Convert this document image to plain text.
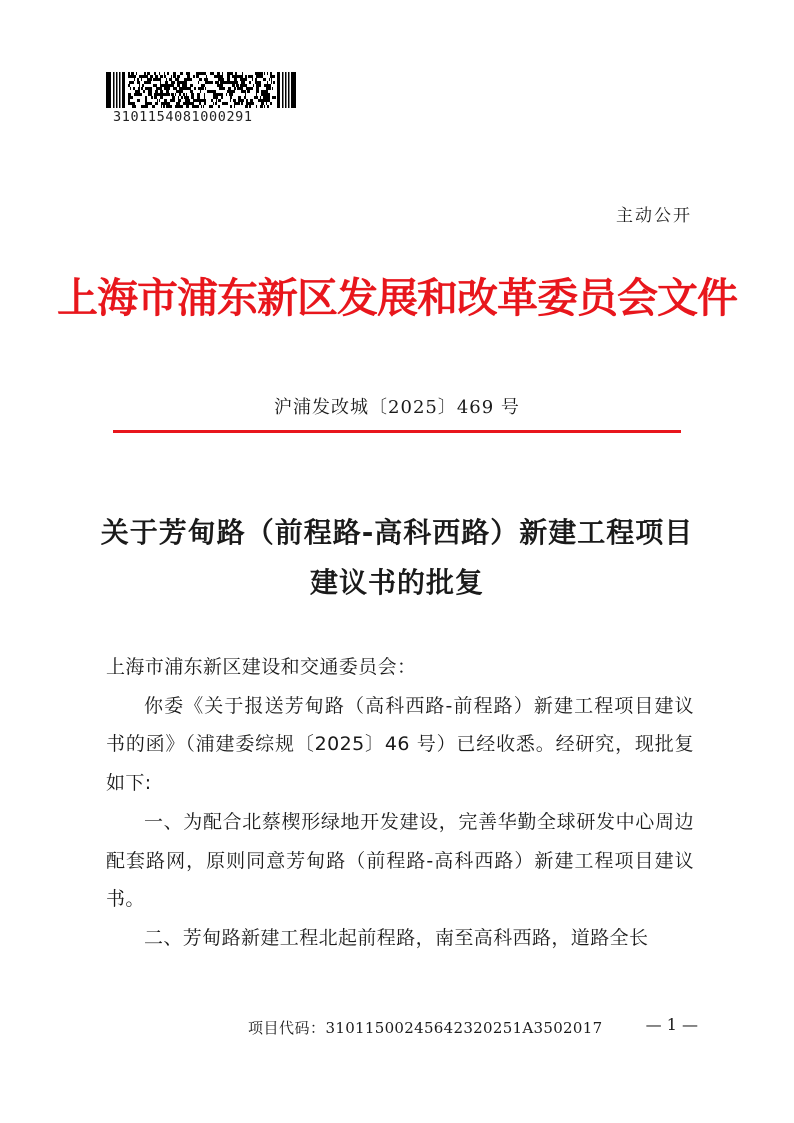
3101154081000291
主动公开
上海市浦东新区发展和改革委员会文件
沪浦发改城〔2025〕469 号
关于芳甸路（前程路-高科西路）新建工程项目
建议书的批复

上海市浦东新区建设和交通委员会：

你委《关于报送芳甸路（高科西路-前程路）新建工程项目建议书的函》（浦建委综规〔2025〕46 号）已经收悉。经研究，现批复如下:

一、为配合北蔡楔形绿地开发建设，完善华勤全球研发中心周边配套路网，原则同意芳甸路（前程路-高科西路）新建工程项目建议书。

二、芳甸路新建工程北起前程路，南至高科西路，道路全长

项目代码：31011500245642320251A3502017	— 1 —
